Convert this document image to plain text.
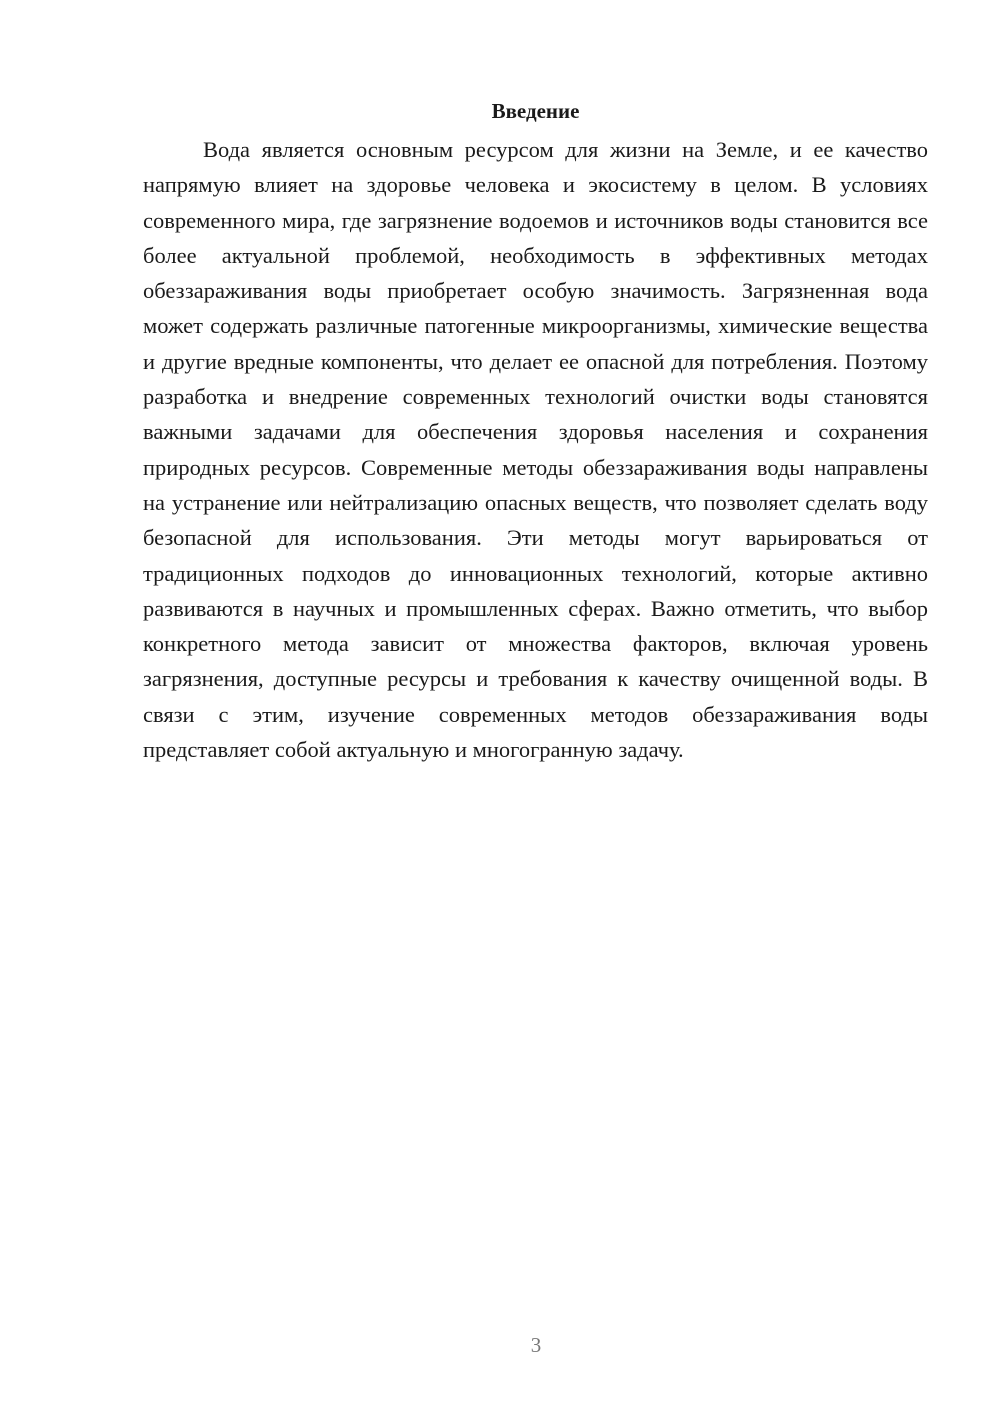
Введение

Вода является основным ресурсом для жизни на Земле, и ее качество напрямую влияет на здоровье человека и экосистему в целом. В условиях современного мира, где загрязнение водоемов и источников воды становится все более актуальной проблемой, необходимость в эффективных методах обеззараживания воды приобретает особую значимость. Загрязненная вода может содержать различные патогенные микроорганизмы, химические вещества и другие вредные компоненты, что делает ее опасной для потребления. Поэтому разработка и внедрение современных технологий очистки воды становятся важными задачами для обеспечения здоровья населения и сохранения природных ресурсов. Современные методы обеззараживания воды направлены на устранение или нейтрализацию опасных веществ, что позволяет сделать воду безопасной для использования. Эти методы могут варьироваться от традиционных подходов до инновационных технологий, которые активно развиваются в научных и промышленных сферах. Важно отметить, что выбор конкретного метода зависит от множества факторов, включая уровень загрязнения, доступные ресурсы и требования к качеству очищенной воды. В связи с этим, изучение современных методов обеззараживания воды представляет собой актуальную и многогранную задачу.

3
